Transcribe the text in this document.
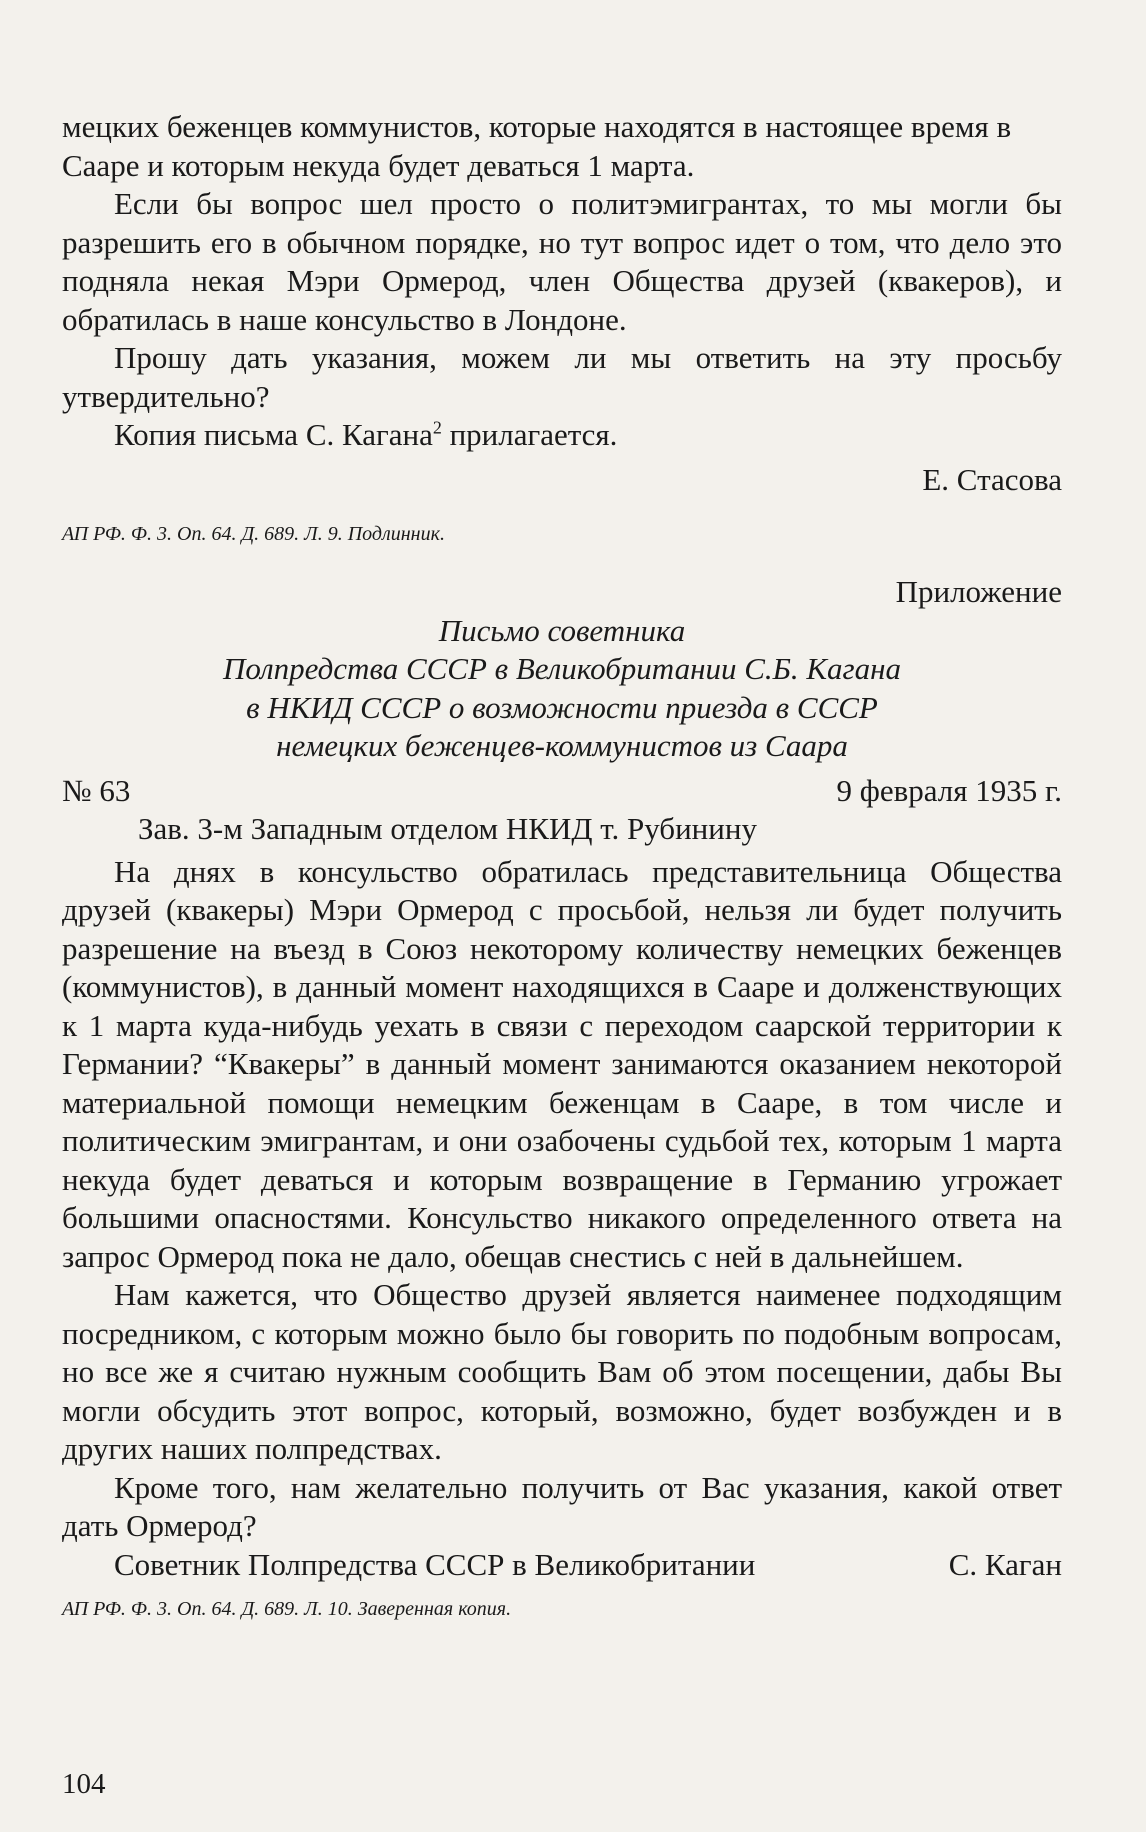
мецких беженцев коммунистов, которые находятся в настоящее время в Сааре и которым некуда будет деваться 1 марта.

Если бы вопрос шел просто о политэмигрантах, то мы могли бы разрешить его в обычном порядке, но тут вопрос идет о том, что дело это подняла некая Мэри Ормерод, член Общества друзей (квакеров), и обратилась в наше консульство в Лондоне.

Прошу дать указания, можем ли мы ответить на эту просьбу утвердительно?

Копия письма С. Кагана$^2$ прилагается.

Е. Стасова

АП РФ. Ф. 3. Оп. 64. Д. 689. Л. 9. Подлинник.

Приложение

Письмо советника

Полпредства СССР в Великобритании С.Б. Кагана

в НКИД СССР о возможности приезда в СССР

немецких беженцев-коммунистов из Саара

№ 63	9 февраля 1935 г.

Зав. 3-м Западным отделом НКИД т. Рубинину

На днях в консульство обратилась представительница Общества друзей (квакеры) Мэри Ормерод с просьбой, нельзя ли будет получить разрешение на въезд в Союз некоторому количеству немецких беженцев (коммунистов), в данный момент находящихся в Сааре и долженствующих к 1 марта куда-нибудь уехать в связи с переходом саарской территории к Германии? “Квакеры” в данный момент занимаются оказанием некоторой материальной помощи немецким беженцам в Сааре, в том числе и политическим эмигрантам, и они озабочены судьбой тех, которым 1 марта некуда будет деваться и которым возвращение в Германию угрожает большими опасностями. Консульство никакого определенного ответа на запрос Ормерод пока не дало, обещав снестись с ней в дальнейшем.

Нам кажется, что Общество друзей является наименее подходящим посредником, с которым можно было бы говорить по подобным вопросам, но все же я считаю нужным сообщить Вам об этом посещении, дабы Вы могли обсудить этот вопрос, который, возможно, будет возбужден и в других наших полпредствах.

Кроме того, нам желательно получить от Вас указания, какой ответ дать Ормерод?

Советник Полпредства СССР в Великобритании	С. Каган

АП РФ. Ф. 3. Оп. 64. Д. 689. Л. 10. Заверенная копия.

104
